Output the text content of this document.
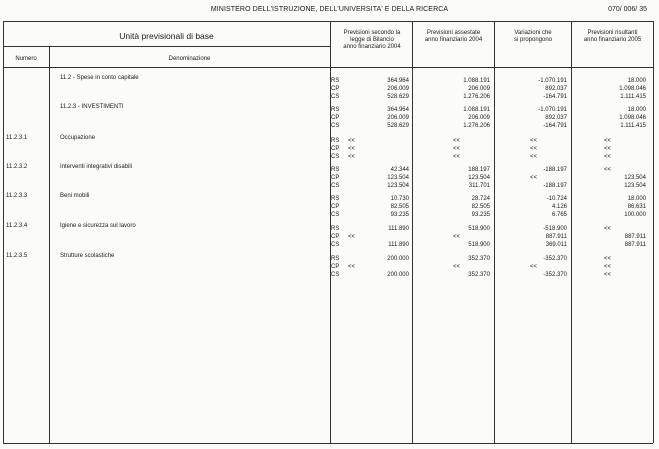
MINISTERO DELL'ISTRUZIONE, DELL'UNIVERSITA' E DELLA RICERCA	070/ 006/ 35
Unità previsionali di base
Numero	Denominazione
Previsioni secondo la
legge di Bilancio
anno finanziario 2004
Previsioni assestate
anno finanziario 2004
Variazioni che
si propongono
Previsioni risultanti
anno finanziario 2005
11.2 - Spese in conto capitale	RS	364.964	1.088.191	-1.070.191	18.000
CP	206.009	206.009	892.037	1.098.046
CS	528.629	1.276.206	-164.791	1.111.415
11.2.3 - INVESTIMENTI	RS	364.964	1.088.191	-1.070.191	18.000
CP	206.009	206.009	892.037	1.098.046
CS	528.629	1.276.206	-164.791	1.111.415
11.2.3.1	Occupazione	RS <<	<<	<<	<<
CP <<	<<	<<	<<
CS <<	<<	<<	<<
11.2.3.2	Interventi integrativi disabili	RS	42.344	188.197	-188.197	<<
CP	123.504	123.504	<<	123.504
CS	123.504	311.701	-188.197	123.504
11.2.3.3	Beni mobili	RS	10.730	28.724	-10.724	18.000
CP	82.505	82.505	4.126	86.631
CS	93.235	93.235	6.765	100.000
11.2.3.4	Igiene e sicurezza sul lavoro	RS	111.890	518.900	-518.900	<<
CP <<	<<	887.911	887.911
CS	111.890	518.900	369.011	887.911
11.2.3.5	Strutture scolastiche	RS	200.000	352.370	-352.370	<<
CP <<	<<	<<	<<
CS	200.000	352.370	-352.370	<<
